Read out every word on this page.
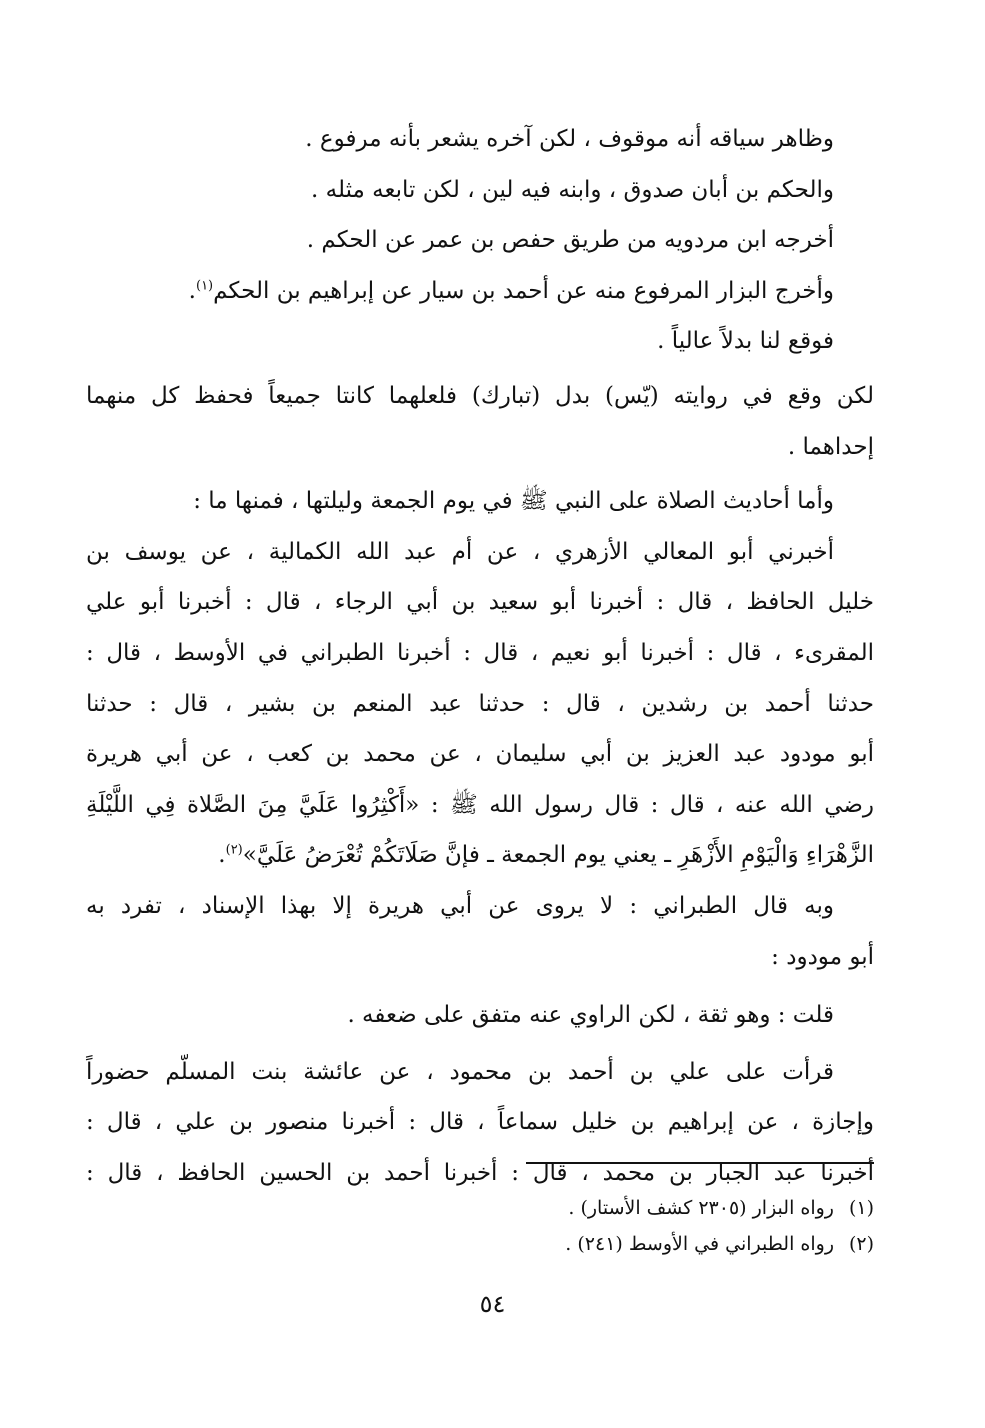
وظاهر سياقه أنه موقوف ، لكن آخره يشعر بأنه مرفوع .
والحكم بن أبان صدوق ، وابنه فيه لين ، لكن تابعه مثله .
أخرجه ابن مردويه من طريق حفص بن عمر عن الحكم .
وأخرج البزار المرفوع منه عن أحمد بن سيار عن إبراهيم بن الحكم$^{(١)}$.
فوقع لنا بدلاً عالياً .
لكن وقع في روايته (يّس) بدل (تبارك) فلعلهما كانتا جميعاً فحفظ كل منهما
إحداهما .
وأما أحاديث الصلاة على النبي ﷺ في يوم الجمعة وليلتها ، فمنها ما :
أخبرني أبو المعالي الأزهري ، عن أم عبد الله الكمالية ، عن يوسف بن
خليل الحافظ ، قال : أخبرنا أبو سعيد بن أبي الرجاء ، قال : أخبرنا أبو علي
المقرىء ، قال : أخبرنا أبو نعيم ، قال : أخبرنا الطبراني في الأوسط ، قال :
حدثنا أحمد بن رشدين ، قال : حدثنا عبد المنعم بن بشير ، قال : حدثنا
أبو مودود عبد العزيز بن أبي سليمان ، عن محمد بن كعب ، عن أبي هريرة
رضي الله عنه ، قال : قال رسول الله ﷺ : «أَكْثِرُوا عَلَيَّ مِنَ الصَّلاة فِي اللَّيْلَةِ
الزَّهْرَاءِ وَالْيَوْمِ الأَزْهَرِ ـ يعني يوم الجمعة ـ فإنَّ صَلَاتَكُمْ تُعْرَضُ عَلَيَّ»$^{(٢)}$.
وبه قال الطبراني : لا يروى عن أبي هريرة إلا بهذا الإسناد ، تفرد به
أبو مودود :
قلت : وهو ثقة ، لكن الراوي عنه متفق على ضعفه .
قرأت على علي بن أحمد بن محمود ، عن عائشة بنت المسلّم حضوراً
وإجازة ، عن إبراهيم بن خليل سماعاً ، قال : أخبرنا منصور بن علي ، قال :
أخبرنا عبد الجبار بن محمد ، قال : أخبرنا أحمد بن الحسين الحافظ ، قال :
(١)رواه البزار (٢٣٠٥ كشف الأستار) .
(٢)رواه الطبراني في الأوسط (٢٤١) .
٥٤
